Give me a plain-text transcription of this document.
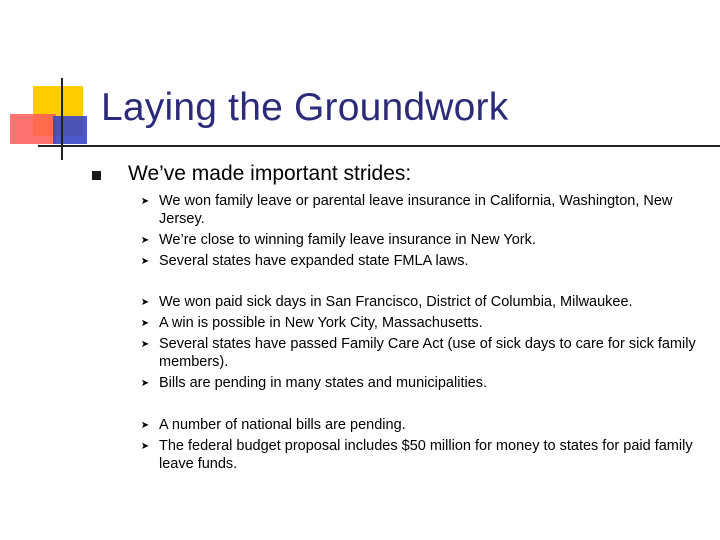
Laying the Groundwork
We’ve made important strides:
➤ We won family leave or parental leave insurance in California, Washington, New Jersey.
➤ We’re close to winning family leave insurance in New York.
➤ Several states have expanded state FMLA laws.
➤ We won paid sick days in San Francisco, District of Columbia, Milwaukee.
➤ A win is possible in New York City, Massachusetts.
➤ Several states have passed Family Care Act (use of sick days to care for sick family members).
➤ Bills are pending in many states and municipalities.
➤ A number of national bills are pending.
➤ The federal budget proposal includes $50 million for money to states for paid family leave funds.
